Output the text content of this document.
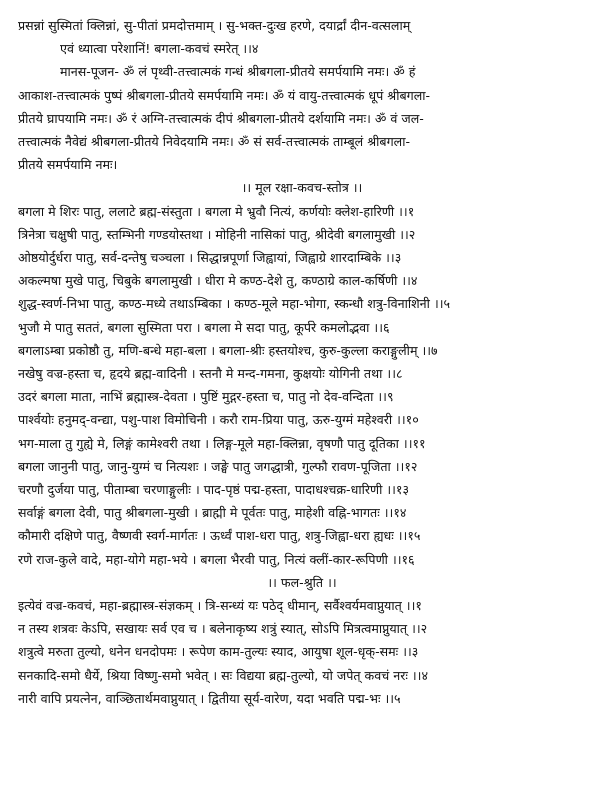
प्रसन्नां सुस्मितां क्लिन्नां, सु-पीतां प्रमदोत्तमाम् । सु-भक्त-दुःख हरणे, दयार्द्रां दीन-वत्सलाम्
एवं ध्यात्वा परेशानिं! बगला-कवचं स्मरेत् ।।४
मानस-पूजन- ॐ लं पृथ्वी-तत्त्वात्मकं गन्धं श्रीबगला-प्रीतये समर्पयामि नमः। ॐ हं
आकाश-तत्त्वात्मकं पुष्पं श्रीबगला-प्रीतये समर्पयामि नमः। ॐ यं वायु-तत्त्वात्मकं धूपं श्रीबगला-
प्रीतये घ्रापयामि नमः। ॐ रं अग्नि-तत्त्वात्मकं दीपं श्रीबगला-प्रीतये दर्शयामि नमः। ॐ वं जल-
तत्त्वात्मकं नैवेद्यं श्रीबगला-प्रीतये निवेदयामि नमः। ॐ सं सर्व-तत्त्वात्मकं ताम्बूलं श्रीबगला-
प्रीतये समर्पयामि नमः।
।। मूल रक्षा-कवच-स्तोत्र ।।
बगला मे शिरः पातु, ललाटे ब्रह्म-संस्तुता । बगला मे भ्रुवौ नित्यं, कर्णयोः क्लेश-हारिणी ।।१
त्रिनेत्रा चक्षुषी पातु, स्तम्भिनी गण्डयोस्तथा । मोहिनी नासिकां पातु, श्रीदेवी बगलामुखी ।।२
ओष्ठयोर्दुर्धरा पातु, सर्व-दन्तेषु चञ्चला । सिद्धान्नपूर्णा जिह्वायां, जिह्वाग्रे शारदाम्बिके ।।३
अकल्मषा मुखे पातु, चिबुके बगलामुखी । धीरा मे कण्ठ-देशे तु, कण्ठाग्रे काल-कर्षिणी ।।४
शुद्ध-स्वर्ण-निभा पातु, कण्ठ-मध्ये तथाऽम्बिका । कण्ठ-मूले महा-भोगा, स्कन्धौ शत्रु-विनाशिनी ।।५
भुजौ मे पातु सततं, बगला सुस्मिता परा । बगला मे सदा पातु, कूर्परे कमलोद्भवा ।।६
बगलाऽम्बा प्रकोष्ठौ तु, मणि-बन्धे महा-बला । बगला-श्रीः हस्तयोश्च, कुरु-कुल्ला कराङ्गुलीम् ।।७
नखेषु वज्र-हस्ता च, हृदये ब्रह्म-वादिनी । स्तनौ मे मन्द-गमना, कुक्षयोः योगिनी तथा ।।८
उदरं बगला माता, नाभिं ब्रह्मास्त्र-देवता । पुष्टिं मुद्गर-हस्ता च, पातु नो देव-वन्दिता ।।९
पार्श्वयोः हनुमद्-वन्द्या, पशु-पाश विमोचिनी । करौ राम-प्रिया पातु, ऊरु-युग्मं महेश्वरी ।।१०
भग-माला तु गुह्ये मे, लिङ्गं कामेश्वरी तथा । लिङ्ग-मूले महा-क्लिन्ना, वृषणौ पातु दूतिका ।।११
बगला जानुनी पातु, जानु-युग्मं च नित्यशः । जङ्घे पातु जगद्धात्री, गुल्फौ रावण-पूजिता ।।१२
चरणौ दुर्जया पातु, पीताम्बा चरणाङ्गुलीः । पाद-पृष्ठं पद्म-हस्ता, पादाधश्चक्र-धारिणी ।।१३
सर्वाङ्गं बगला देवी, पातु श्रीबगला-मुखी । ब्राह्मी मे पूर्वतः पातु, माहेशी वह्नि-भागतः ।।१४
कौमारी दक्षिणे पातु, वैष्णवी स्वर्ग-मार्गतः । ऊर्ध्वं पाश-धरा पातु, शत्रु-जिह्वा-धरा ह्यधः ।।१५
रणे राज-कुले वादे, महा-योगे महा-भये । बगला भैरवी पातु, नित्यं क्लीं-कार-रूपिणी ।।१६
।। फल-श्रुति ।।
इत्येवं वज्र-कवचं, महा-ब्रह्मास्त्र-संज्ञकम् । त्रि-सन्ध्यं यः पठेद् धीमान्, सर्वैश्वर्यमवाप्नुयात् ।।१
न तस्य शत्रवः केऽपि, सखायः सर्व एव च । बलेनाकृष्य शत्रुं स्यात्, सोऽपि मित्रत्वमाप्नुयात् ।।२
शत्रुत्वे मरुता तुल्यो, धनेन धनदोपमः । रूपेण काम-तुल्यः स्याद, आयुषा शूल-धृक्-समः ।।३
सनकादि-समो धैर्ये, श्रिया विष्णु-समो भवेत् । सः विद्यया ब्रह्म-तुल्यो, यो जपेत् कवचं नरः ।।४
नारी वापि प्रयत्नेन, वाञ्छितार्थमवाप्नुयात् । द्वितीया सूर्य-वारेण, यदा भवति पद्म-भः ।।५
